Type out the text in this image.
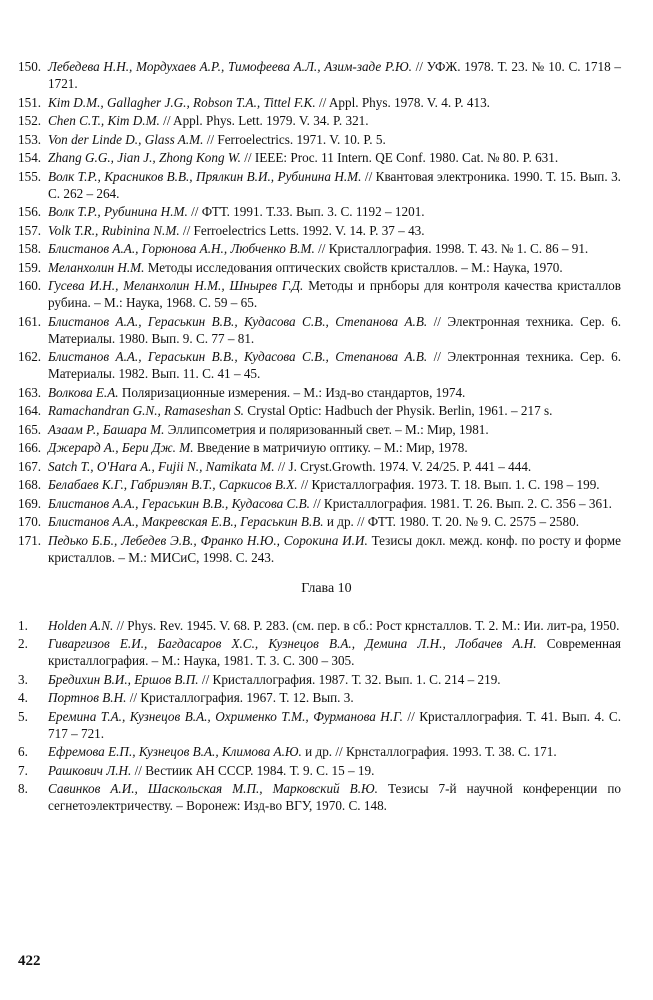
150. Лебедева Н.Н., Мордухаев А.Р., Тимофеева А.Л., Азим-заде Р.Ю. // УФЖ. 1978. Т. 23. № 10. С. 1718 – 1721.
151. Kim D.M., Gallagher J.G., Robson T.A., Tittel F.K. // Appl. Phys. 1978. V. 4. P. 413.
152. Chen C.T., Kim D.M. // Appl. Phys. Lett. 1979. V. 34. P. 321.
153. Von der Linde D., Glass A.M. // Ferroelectrics. 1971. V. 10. P. 5.
154. Zhang G.G., Jian J., Zhong Kong W. // IEEE: Proc. 11 Intern. QE Conf. 1980. Cat. № 80. P. 631.
155. Волк Т.Р., Красников В.В., Прялкин В.И., Рубинина Н.М. // Квантовая электроника. 1990. Т. 15. Вып. 3. С. 262 – 264.
156. Волк Т.Р., Рубинина Н.М. // ФТТ. 1991. Т.33. Вып. 3. С. 1192 – 1201.
157. Volk T.R., Rubinina N.M. // Ferroelectrics Letts. 1992. V. 14. P. 37 – 43.
158. Блистанов А.А., Горюнова А.Н., Любченко В.М. // Кристаллография. 1998. Т. 43. № 1. С. 86 – 91.
159. Меланхолин Н.М. Методы исследования оптических свойств кристаллов. – М.: Наука, 1970.
160. Гусева И.Н., Меланхолин Н.М., Шнырев Г.Д. Методы и прнборы для контроля качества кристаллов рубина. – М.: Наука, 1968. С. 59 – 65.
161. Блистанов А.А., Гераськин В.В., Кудасова С.В., Степанова А.В. // Электронная техника. Сер. 6. Материалы. 1980. Вып. 9. С. 77 – 81.
162. Блистанов А.А., Гераськин В.В., Кудасова С.В., Степанова А.В. // Электронная техника. Сер. 6. Материалы. 1982. Вып. 11. С. 41 – 45.
163. Волкова Е.А. Поляризационные измерения. – М.: Изд-во стандартов, 1974.
164. Ramachandran G.N., Ramaseshan S. Crystal Optic: Hadbuch der Physik. Berlin, 1961. – 217 s.
165. Азаам Р., Башара М. Эллипсометрия и поляризованный свет. – М.: Мир, 1981.
166. Джерард А., Бери Дж. М. Введение в матричиую оптику. – М.: Мир, 1978.
167. Satch T., O'Hara A., Fujii N., Namikata M. // J. Cryst.Growth. 1974. V. 24/25. P. 441 – 444.
168. Белабаев К.Г., Габриэлян В.Т., Саркисов В.Х. // Кристаллография. 1973. Т. 18. Вып. 1. С. 198 – 199.
169. Блистанов А.А., Гераськин В.В., Кудасова С.В. // Кристаллография. 1981. Т. 26. Вып. 2. С. 356 – 361.
170. Блистанов А.А., Макревская Е.В., Гераськин В.В. и др. // ФТТ. 1980. Т. 20. № 9. С. 2575 – 2580.
171. Педько Б.Б., Лебедев Э.В., Франко Н.Ю., Сорокина И.И. Тезисы докл. межд. конф. по росту и форме кристаллов. – М.: МИСиС, 1998. С. 243.
Глава 10
1.	Holden A.N. // Phys. Rev. 1945. V. 68. P. 283. (см. пер. в сб.: Рост крнсталлов. Т. 2. М.: Ии. лит-ра, 1950.
2.	Гиваргизов Е.И., Багдасаров Х.С., Кузнецов В.А., Демина Л.Н., Лобачев А.Н. Современная кристаллография. – М.: Наука, 1981. Т. 3. С. 300 – 305.
3.	Бредихин В.И., Ершов В.П. // Кристаллография. 1987. Т. 32. Вып. 1. С. 214 – 219.
4.	Портнов В.Н. // Кристаллография. 1967. Т. 12. Вып. 3.
5.	Еремина Т.А., Кузнецов В.А., Охрименко Т.М., Фурманова Н.Г. // Кристаллография. Т. 41. Вып. 4. С. 717 – 721.
6.	Ефремова Е.П., Кузнецов В.А., Климова А.Ю. и др. // Крнсталлография. 1993. Т. 38. С. 171.
7.	Рашкович Л.Н. // Вестиик АН СССР. 1984. Т. 9. С. 15 – 19.
8.	Савинков А.И., Шаскольская М.П., Марковский В.Ю. Тезисы 7-й научной конференции по сегнетоэлектричеству. – Воронеж: Изд-во ВГУ, 1970. С. 148.
422
